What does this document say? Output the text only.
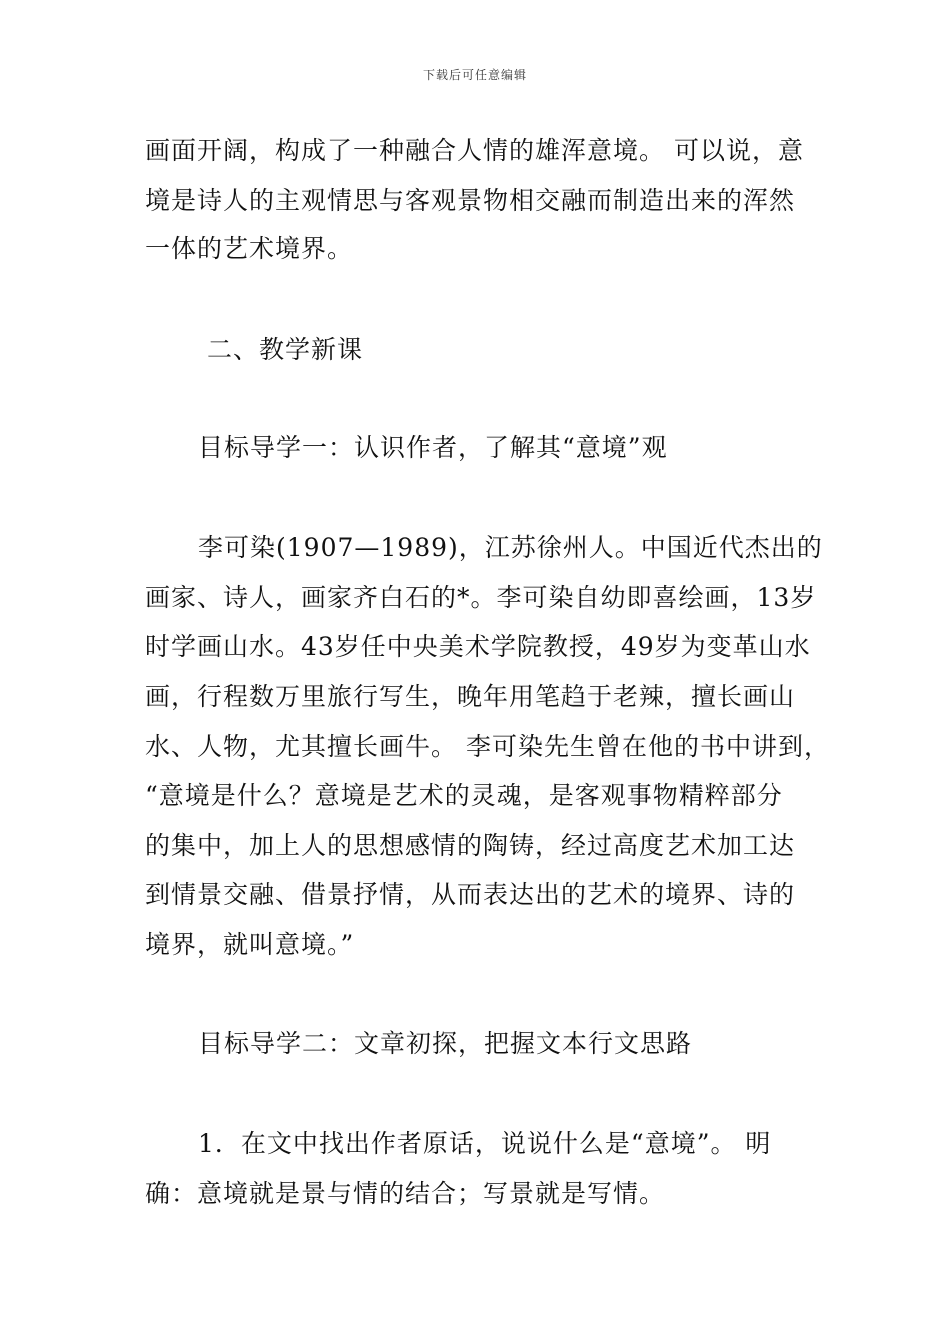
下载后可任意编辑
画面开阔，构成了一种融合人情的雄浑意境。 可以说，意
境是诗人的主观情思与客观景物相交融而制造出来的浑然
一体的艺术境界。
二、教学新课
目标导学一：认识作者，了解其“意境”观
李可染(1907—1989)，江苏徐州人。中国近代杰出的
画家、诗人，画家齐白石的*。李可染自幼即喜绘画，13岁
时学画山水。43岁任中央美术学院教授，49岁为变革山水
画，行程数万里旅行写生，晚年用笔趋于老辣，擅长画山
水、人物，尤其擅长画牛。 李可染先生曾在他的书中讲到，
“意境是什么？意境是艺术的灵魂，是客观事物精粹部分
的集中，加上人的思想感情的陶铸，经过高度艺术加工达
到情景交融、借景抒情，从而表达出的艺术的境界、诗的
境界，就叫意境。”
目标导学二：文章初探，把握文本行文思路
1．在文中找出作者原话，说说什么是“意境”。 明
确：意境就是景与情的结合；写景就是写情。
